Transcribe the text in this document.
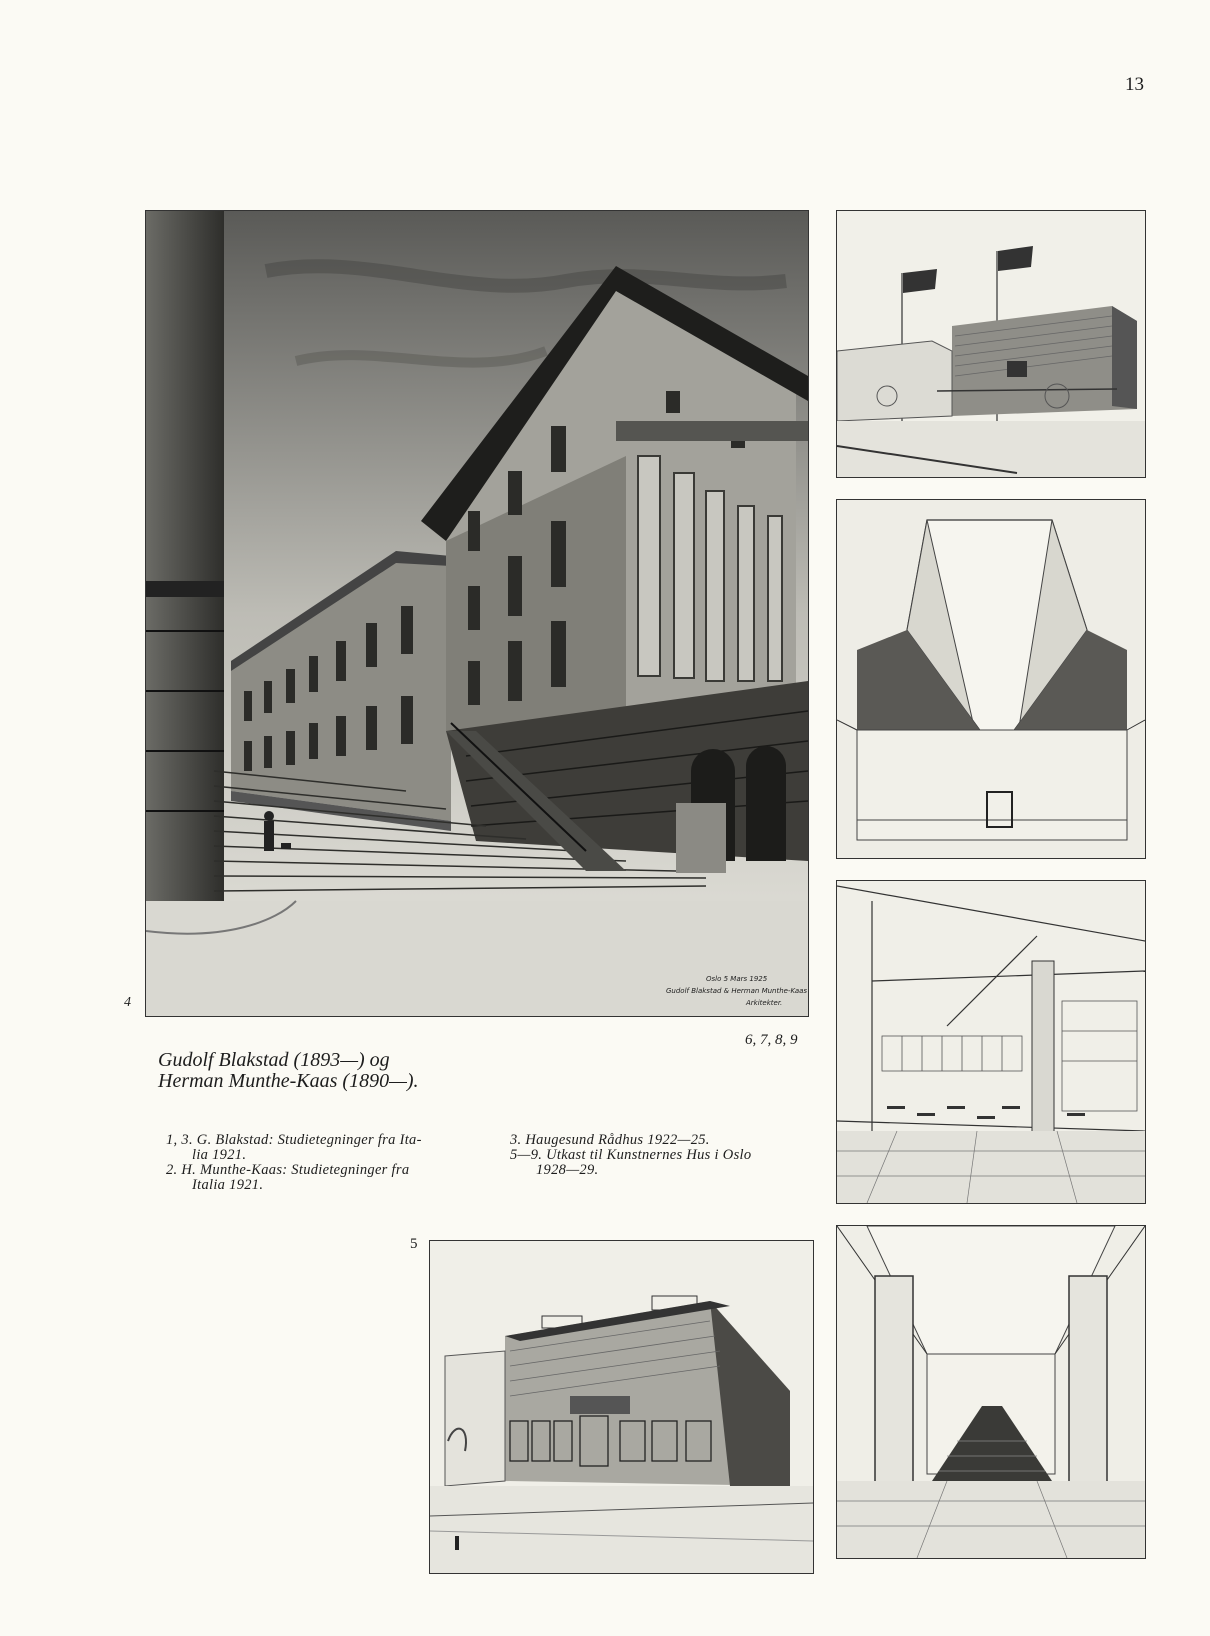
13
Oslo 5 Mars 1925
Gudolf Blakstad & Herman Munthe-Kaas
Arkitekter.
4
6, 7, 8, 9
Gudolf Blakstad (1893—) og
Herman Munthe-Kaas (1890—).
1, 3. G. Blakstad: Studietegninger fra Ita-
lia 1921.
2. H. Munthe-Kaas: Studietegninger fra
Italia 1921.
3. Haugesund Rådhus 1922—25.
5—9. Utkast til Kunstnernes Hus i Oslo
1928—29.
5
